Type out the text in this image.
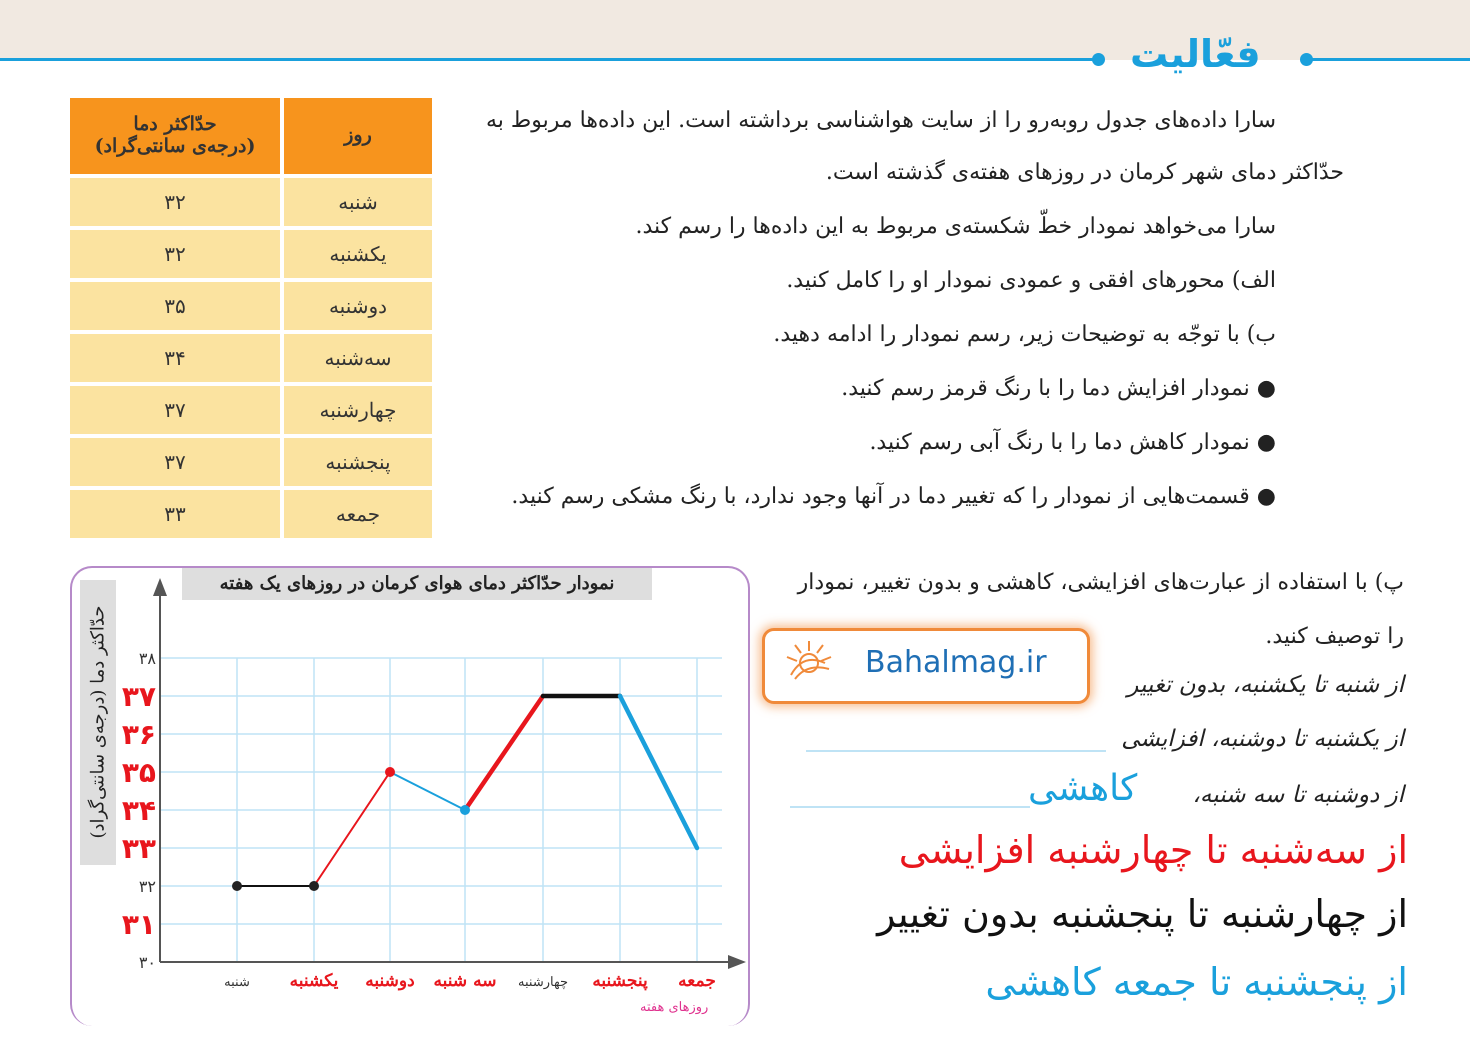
فعّالیت
روز	حدّاکثر دما
(درجه‌ی سانتی‌گراد)

شنبه	۳۲
یکشنبه	۳۲
دوشنبه	۳۵
سه‌شنبه	۳۴
چهارشنبه	۳۷
پنجشنبه	۳۷
جمعه	۳۳
سارا داده‌های جدول روبه‌رو را از سایت هواشناسی برداشته است. این داده‌ها مربوط به
حدّاکثر دمای شهر کرمان در روزهای هفته‌ی گذشته است.
سارا می‌خواهد نمودار خطّ شکسته‌ی مربوط به این داده‌ها را رسم کند.
الف) محورهای افقی و عمودی نمودار او را کامل کنید.
ب) با توجّه به توضیحات زیر، رسم نمودار را ادامه دهید.
● نمودار افزایش دما را با رنگ قرمز رسم کنید.
● نمودار کاهش دما را با رنگ آبی رسم کنید.
● قسمت‌هایی از نمودار را که تغییر دما در آنها وجود ندارد، با رنگ مشکی رسم کنید.
حدّاکثر دما (درجه‌ی سانتی‌گراد)
۳۰
۳۱
۳۲
۳۳
۳۴
۳۵
۳۶
۳۷
۳۸
شنبه یکشنبه دوشنبه سه شنبه چهارشنبه پنجشنبه جمعه
نمودار حدّاکثر دمای هوای کرمان در روزهای یک هفته
روزهای هفته
پ) با استفاده از عبارت‌های افزایشی، کاهشی و بدون تغییر، نمودار
را توصیف کنید.
Bahalmag.ir
از شنبه تا یکشنبه، بدون تغییر
از یکشنبه تا دوشنبه، افزایشی
از دوشنبه تا سه شنبه،
کاهشی
از سه‌شنبه تا چهارشنبه افزایشی
از چهارشنبه تا پنجشنبه بدون تغییر
از پنجشنبه تا جمعه کاهشی
